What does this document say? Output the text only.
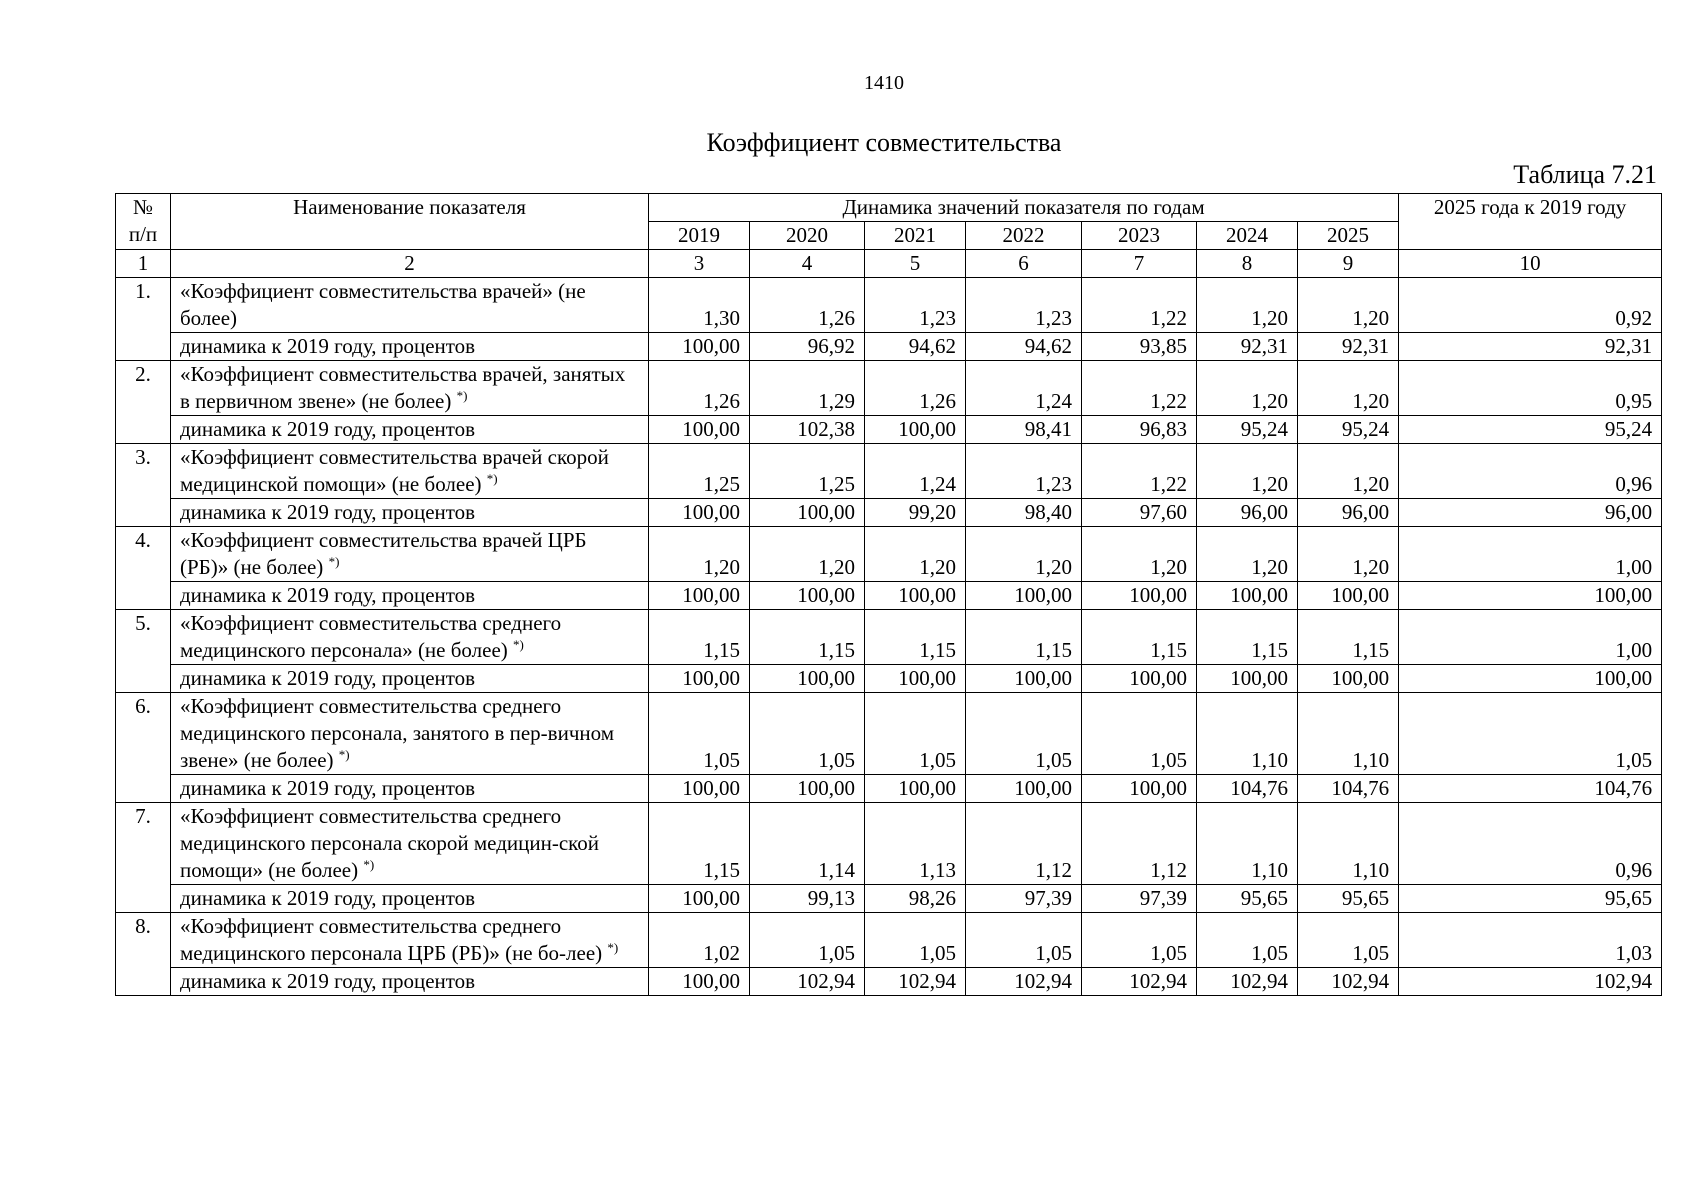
1410
Коэффициент совместительства
Таблица 7.21
№ п/п	Наименование показателя	Динамика значений показателя по годам							2025 года к 2019 году
		2019	2020	2021	2022	2023	2024	2025	
1	2	3	4	5	6	7	8	9	10
1.	«Коэффициент совместительства врачей» (не более)	1,30	1,26	1,23	1,23	1,22	1,20	1,20	0,92
	динамика к 2019 году, процентов	100,00	96,92	94,62	94,62	93,85	92,31	92,31	92,31
2.	«Коэффициент совместительства врачей, занятых в первичном звене» (не более) *)	1,26	1,29	1,26	1,24	1,22	1,20	1,20	0,95
	динамика к 2019 году, процентов	100,00	102,38	100,00	98,41	96,83	95,24	95,24	95,24
3.	«Коэффициент совместительства врачей скорой медицинской помощи» (не более) *)	1,25	1,25	1,24	1,23	1,22	1,20	1,20	0,96
	динамика к 2019 году, процентов	100,00	100,00	99,20	98,40	97,60	96,00	96,00	96,00
4.	«Коэффициент совместительства врачей ЦРБ (РБ)» (не более) *)	1,20	1,20	1,20	1,20	1,20	1,20	1,20	1,00
	динамика к 2019 году, процентов	100,00	100,00	100,00	100,00	100,00	100,00	100,00	100,00
5.	«Коэффициент совместительства среднего медицинского персонала» (не более) *)	1,15	1,15	1,15	1,15	1,15	1,15	1,15	1,00
	динамика к 2019 году, процентов	100,00	100,00	100,00	100,00	100,00	100,00	100,00	100,00
6.	«Коэффициент совместительства среднего медицинского персонала, занятого в пер-вичном звене» (не более) *)	1,05	1,05	1,05	1,05	1,05	1,10	1,10	1,05
	динамика к 2019 году, процентов	100,00	100,00	100,00	100,00	100,00	104,76	104,76	104,76
7.	«Коэффициент совместительства среднего медицинского персонала скорой медицин-ской помощи» (не более) *)	1,15	1,14	1,13	1,12	1,12	1,10	1,10	0,96
	динамика к 2019 году, процентов	100,00	99,13	98,26	97,39	97,39	95,65	95,65	95,65
8.	«Коэффициент совместительства среднего медицинского персонала ЦРБ (РБ)» (не бо-лее) *)	1,02	1,05	1,05	1,05	1,05	1,05	1,05	1,03
	динамика к 2019 году, процентов	100,00	102,94	102,94	102,94	102,94	102,94	102,94	102,94
